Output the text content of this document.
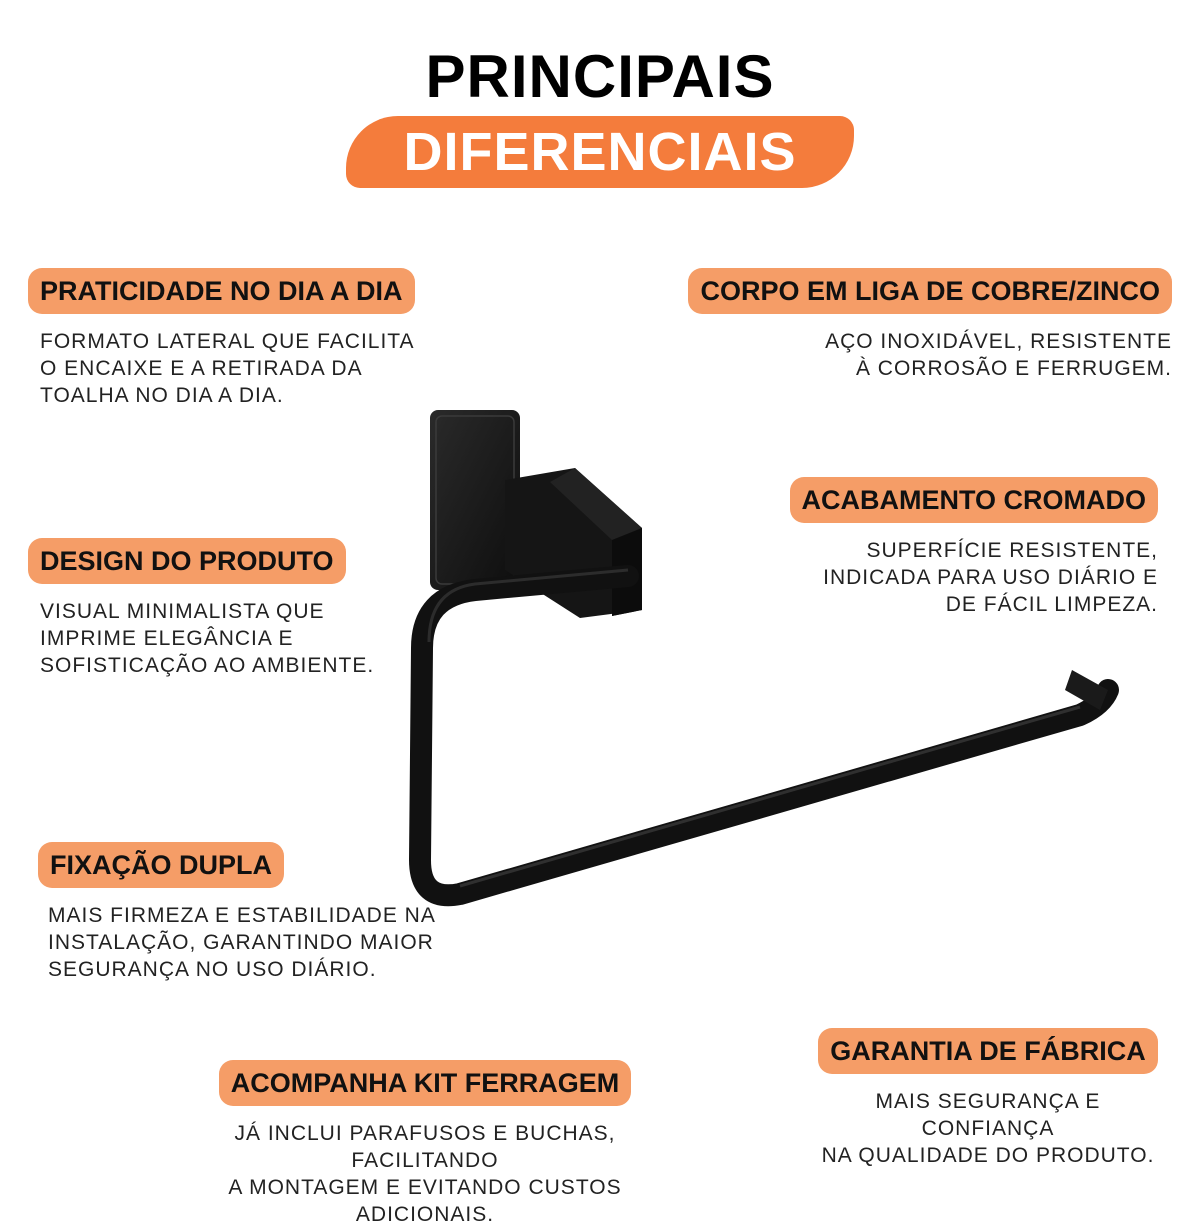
PRINCIPAIS
DIFERENCIAIS
PRATICIDADE NO DIA A DIA
FORMATO LATERAL QUE FACILITA
O ENCAIXE E A RETIRADA DA
TOALHA NO DIA A DIA.
CORPO EM LIGA DE COBRE/ZINCO
AÇO INOXIDÁVEL, RESISTENTE
À CORROSÃO E FERRUGEM.
ACABAMENTO CROMADO
SUPERFÍCIE RESISTENTE,
INDICADA PARA USO DIÁRIO E
DE FÁCIL LIMPEZA.
DESIGN DO PRODUTO
VISUAL MINIMALISTA QUE
IMPRIME ELEGÂNCIA E
SOFISTICAÇÃO AO AMBIENTE.
FIXAÇÃO DUPLA
MAIS FIRMEZA E ESTABILIDADE NA
INSTALAÇÃO, GARANTINDO MAIOR
SEGURANÇA NO USO DIÁRIO.
GARANTIA DE FÁBRICA
MAIS SEGURANÇA E CONFIANÇA
NA QUALIDADE DO PRODUTO.
ACOMPANHA KIT FERRAGEM
JÁ INCLUI PARAFUSOS E BUCHAS, FACILITANDO
A MONTAGEM E EVITANDO CUSTOS ADICIONAIS.
